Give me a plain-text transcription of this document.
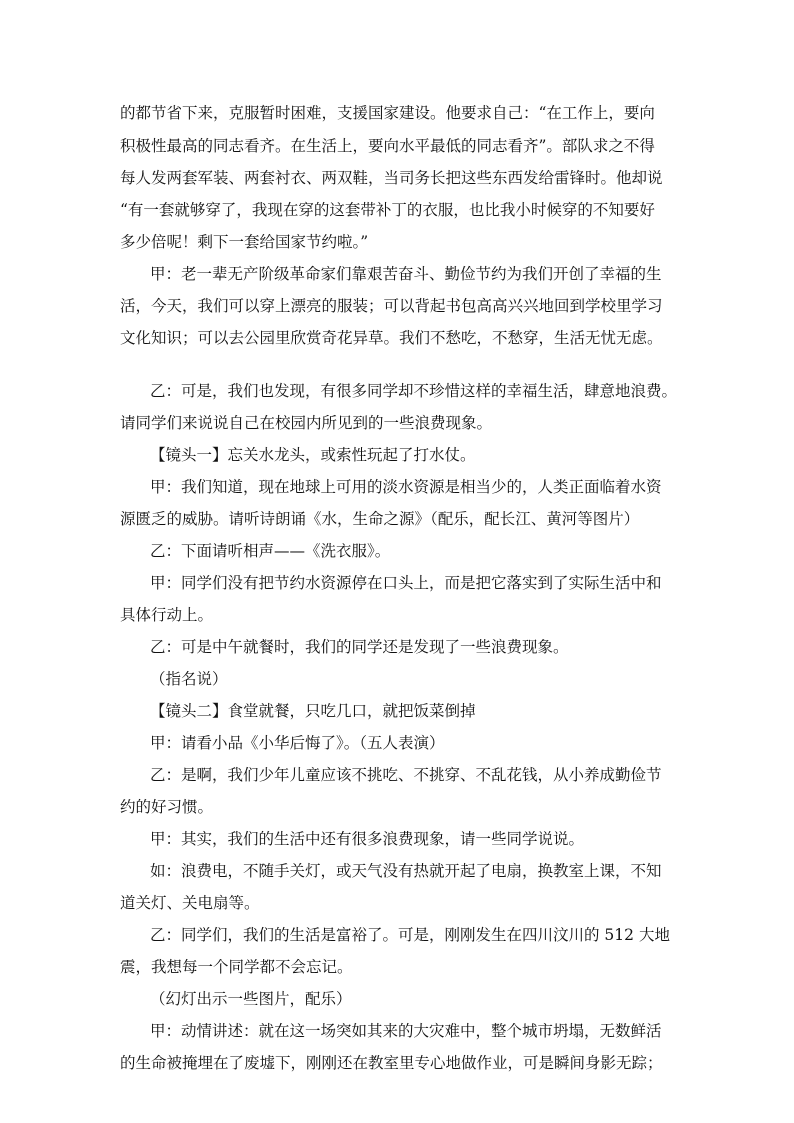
的都节省下来，克服暂时困难，支援国家建设。他要求自己：“在工作上，要向
积极性最高的同志看齐。在生活上，要向水平最低的同志看齐”。部队求之不得
每人发两套军装、两套衬衣、两双鞋，当司务长把这些东西发给雷锋时。他却说
“有一套就够穿了，我现在穿的这套带补丁的衣服，也比我小时候穿的不知要好
多少倍呢！剩下一套给国家节约啦。”
甲：老一辈无产阶级革命家们靠艰苦奋斗、勤俭节约为我们开创了幸福的生
活，今天，我们可以穿上漂亮的服装；可以背起书包高高兴兴地回到学校里学习
文化知识；可以去公园里欣赏奇花异草。我们不愁吃，不愁穿，生活无忧无虑。
乙：可是，我们也发现，有很多同学却不珍惜这样的幸福生活，肆意地浪费。
请同学们来说说自己在校园内所见到的一些浪费现象。
【镜头一】忘关水龙头，或索性玩起了打水仗。
甲：我们知道，现在地球上可用的淡水资源是相当少的，人类正面临着水资
源匮乏的威胁。请听诗朗诵《水，生命之源》（配乐，配长江、黄河等图片）
乙：下面请听相声——《洗衣服》。
甲：同学们没有把节约水资源停在口头上，而是把它落实到了实际生活中和
具体行动上。
乙：可是中午就餐时，我们的同学还是发现了一些浪费现象。
（指名说）
【镜头二】食堂就餐，只吃几口，就把饭菜倒掉
甲：请看小品《小华后悔了》。（五人表演）
乙：是啊，我们少年儿童应该不挑吃、不挑穿、不乱花钱，从小养成勤俭节
约的好习惯。
甲：其实，我们的生活中还有很多浪费现象，请一些同学说说。
如：浪费电，不随手关灯，或天气没有热就开起了电扇，换教室上课，不知
道关灯、关电扇等。
乙：同学们，我们的生活是富裕了。可是，刚刚发生在四川汶川的 512 大地
震，我想每一个同学都不会忘记。
（幻灯出示一些图片，配乐）
甲：动情讲述：就在这一场突如其来的大灾难中，整个城市坍塌，无数鲜活
的生命被掩埋在了废墟下，刚刚还在教室里专心地做作业，可是瞬间身影无踪；
